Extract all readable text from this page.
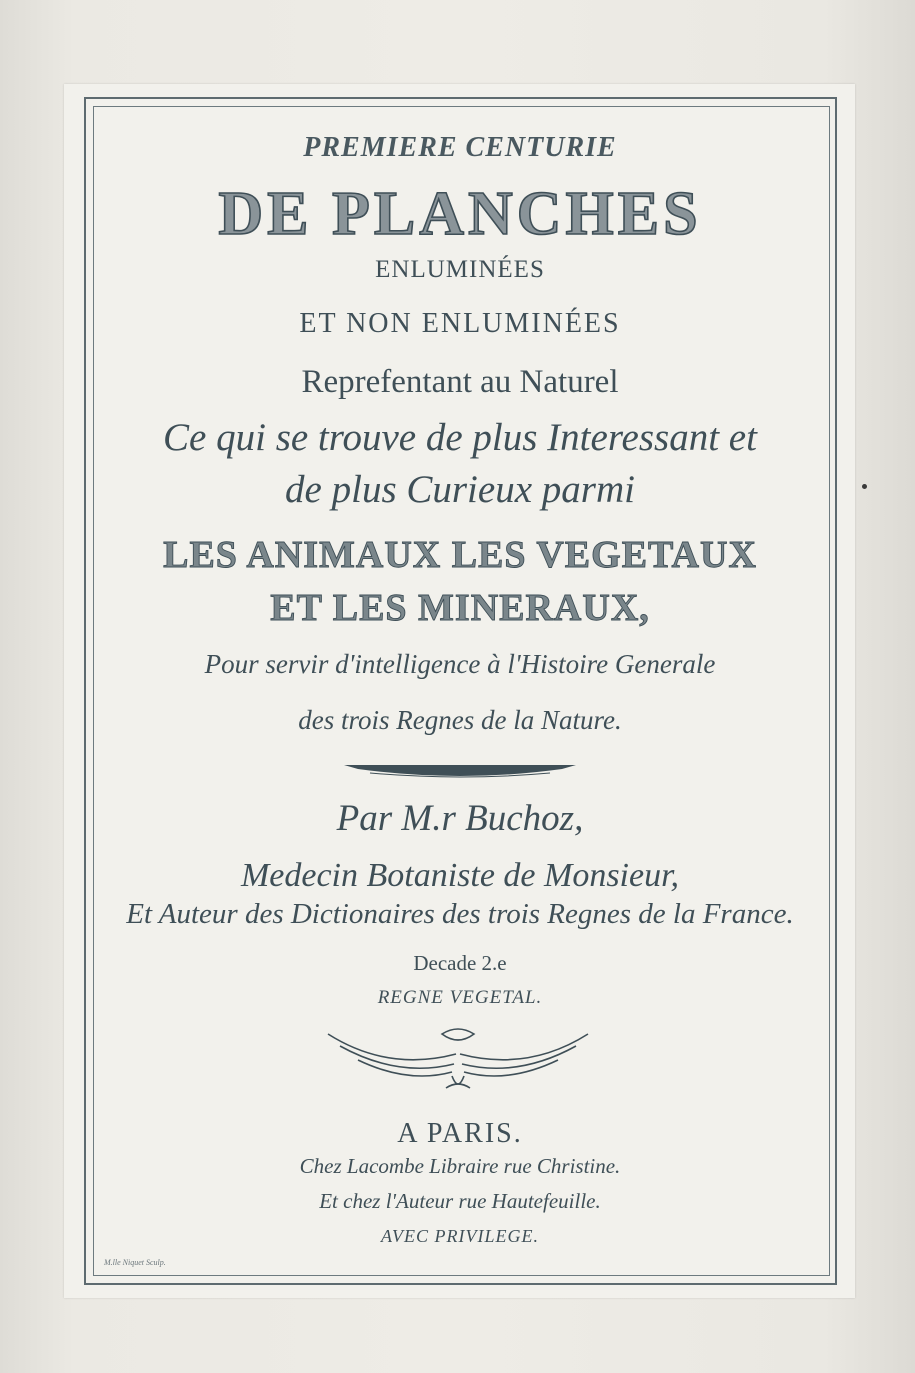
PREMIERE CENTURIE
DE PLANCHES
ENLUMINÉES
ET NON ENLUMINÉES
Reprefentant au Naturel
Ce qui se trouve de plus Interessant et
de plus Curieux parmi
LES ANIMAUX LES VEGETAUX
ET LES MINERAUX,
Pour servir d'intelligence à l'Histoire Generale
des trois Regnes de la Nature.
Par M.r Buchoz,
Medecin Botaniste de Monsieur,
Et Auteur des Dictionaires des trois Regnes de la France.
Decade 2.e
REGNE VEGETAL.
A PARIS.
Chez Lacombe Libraire rue Christine.
Et chez l'Auteur rue Hautefeuille.
AVEC PRIVILEGE.
M.lle Niquet Sculp.
